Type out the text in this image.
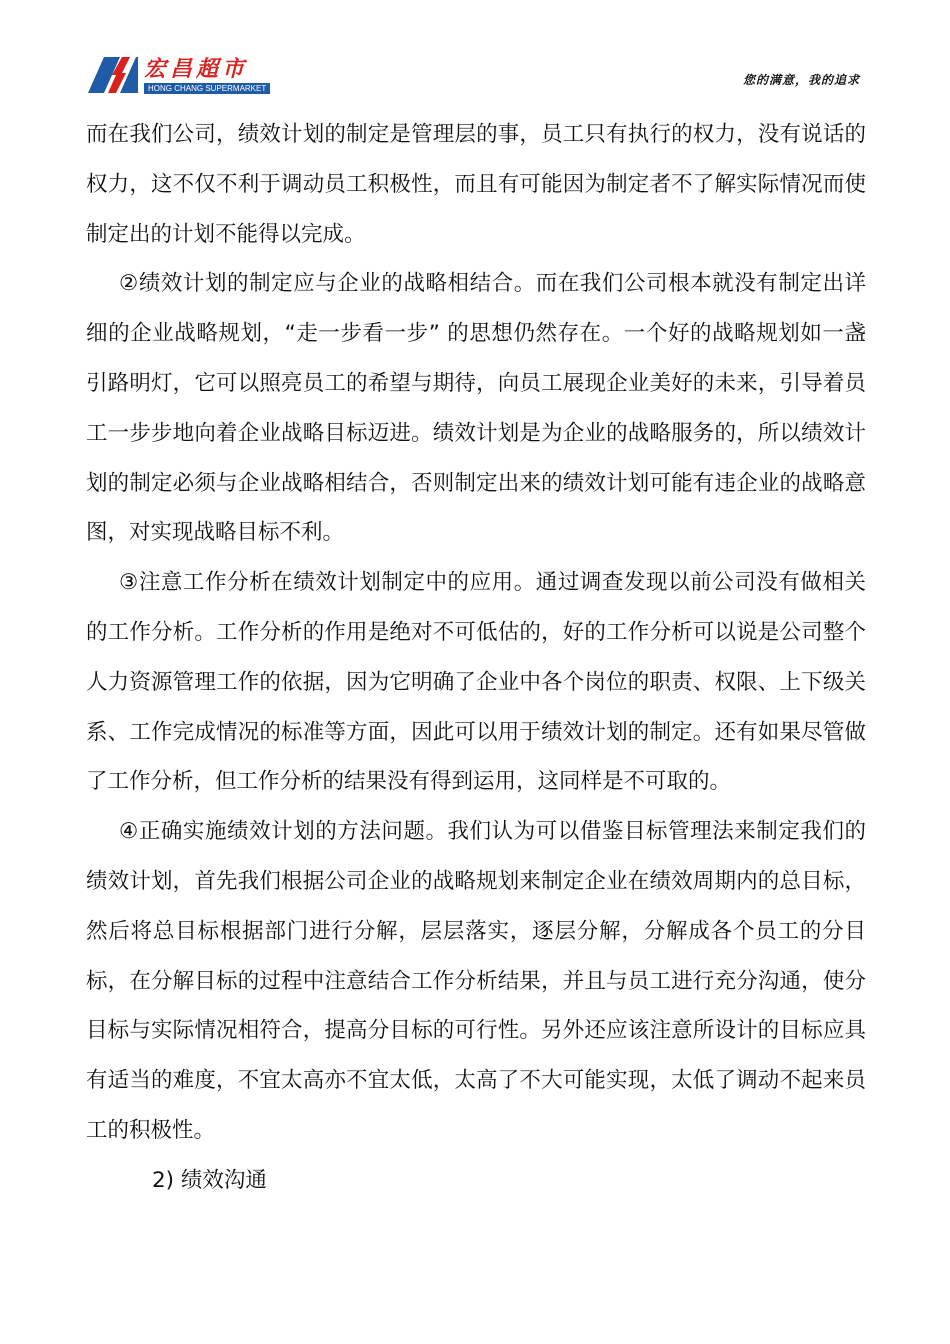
宏昌超市
HONG CHANG SUPERMARKET
您的满意，我的追求

而在我们公司，绩效计划的制定是管理层的事，员工只有执行的权力，没有说话的权力，这不仅不利于调动员工积极性，而且有可能因为制定者不了解实际情况而使制定出的计划不能得以完成。

②绩效计划的制定应与企业的战略相结合。而在我们公司根本就没有制定出详细的企业战略规划，“走一步看一步” 的思想仍然存在。一个好的战略规划如一盏引路明灯，它可以照亮员工的希望与期待，向员工展现企业美好的未来，引导着员工一步步地向着企业战略目标迈进。绩效计划是为企业的战略服务的，所以绩效计划的制定必须与企业战略相结合，否则制定出来的绩效计划可能有违企业的战略意图，对实现战略目标不利。

③注意工作分析在绩效计划制定中的应用。通过调查发现以前公司没有做相关的工作分析。工作分析的作用是绝对不可低估的，好的工作分析可以说是公司整个人力资源管理工作的依据，因为它明确了企业中各个岗位的职责、权限、上下级关系、工作完成情况的标准等方面，因此可以用于绩效计划的制定。还有如果尽管做了工作分析，但工作分析的结果没有得到运用，这同样是不可取的。

④正确实施绩效计划的方法问题。我们认为可以借鉴目标管理法来制定我们的绩效计划，首先我们根据公司企业的战略规划来制定企业在绩效周期内的总目标，然后将总目标根据部门进行分解，层层落实，逐层分解，分解成各个员工的分目标，在分解目标的过程中注意结合工作分析结果，并且与员工进行充分沟通，使分目标与实际情况相符合，提高分目标的可行性。另外还应该注意所设计的目标应具有适当的难度，不宜太高亦不宜太低，太高了不大可能实现，太低了调动不起来员工的积极性。

2) 绩效沟通
